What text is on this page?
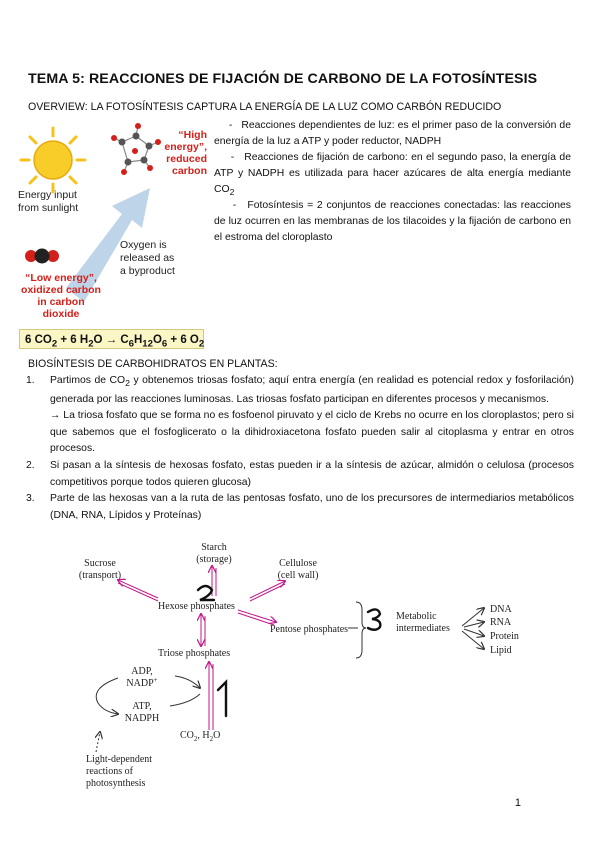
TEMA 5: REACCIONES DE FIJACIÓN DE CARBONO DE LA FOTOSÍNTESIS
OVERVIEW: LA FOTOSÍNTESIS CAPTURA LA ENERGÍA DE LA LUZ COMO CARBÓN REDUCIDO
“High
energy”,
reduced
carbon
Energy input
from sunlight
Oxygen is
released as
a byproduct
“Low energy”,
oxidized carbon
in carbon
dioxide
6 $CO_2 + 6$ $H_2O \to C_6H_{12}O_6 + 6$ $O_2$
- Reacciones dependientes de luz: es el primer paso de la conversión de energía de la luz a ATP y poder reductor, NADPH
- Reacciones de fijación de carbono: en el segundo paso, la energía de ATP y NADPH es utilizada para hacer azúcares de alta energía mediante $CO_2$
- Fotosíntesis = 2 conjuntos de reacciones conectadas: las reacciones de luz ocurren en las membranas de los tilacoides y la fijación de carbono en el estroma del cloroplasto
BIOSÍNTESIS DE CARBOHIDRATOS EN PLANTAS:
1. Partimos de $CO_2$ y obtenemos triosas fosfato; aquí entra energía (en realidad es potencial redox y fosforilación) generada por las reacciones luminosas. Las triosas fosfato participan en diferentes procesos y mecanismos.
→ La triosa fosfato que se forma no es fosfoenol piruvato y el ciclo de Krebs no ocurre en los cloroplastos; pero si que sabemos que el fosfoglicerato o la dihidroxiacetona fosfato pueden salir al citoplasma y entrar en otros procesos.
2. Si pasan a la síntesis de hexosas fosfato, estas pueden ir a la síntesis de azúcar, almidón o celulosa (procesos competitivos porque todos quieren glucosa)
3. Parte de las hexosas van a la ruta de las pentosas fosfato, uno de los precursores de intermediarios metabólicos (DNA, RNA, Lípidos y Proteínas)
Starch
(storage)
Sucrose
(transport)
Cellulose
(cell wall)
Hexose phosphates
Pentose phosphates
Metabolic
intermediates
DNA
RNA
Protein
Lipid
Triose phosphates
ADP,
NADP+
ATP,
NADPH
$CO_2$, $H_2O$
Light-dependent
reactions of
photosynthesis
1
